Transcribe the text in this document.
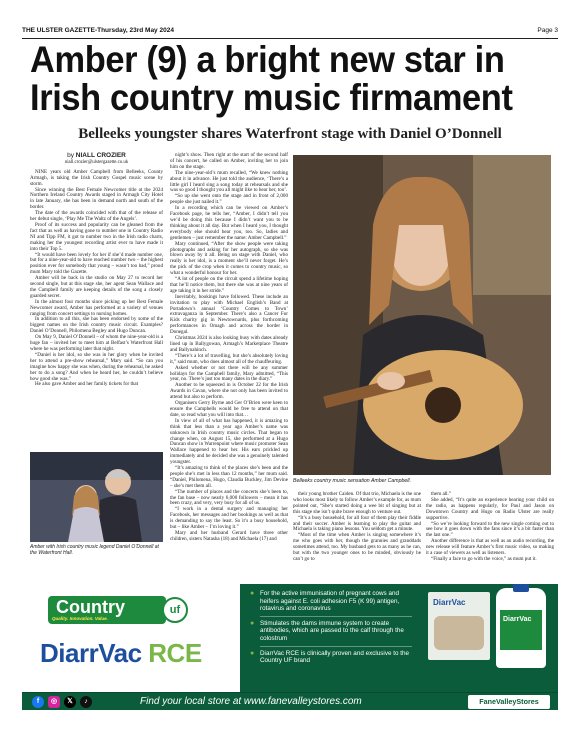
THE ULSTER GAZETTE-Thursday, 23rd May 2024	Page 3
Amber (9) a bright new star in Irish country music firmament
Belleeks youngster shares Waterfront stage with Daniel O’Donnell
by NIALL CROZIER
niall.crozier@ulstergazette.co.uk

NINE years old Amber Campbell from Belleeks, County Armagh, is taking the Irish Country Gospel music scene by storm.

Since winning the Best Female Newcomer title at the 2024 Northern Ireland Country Awards staged in Armagh City Hotel in late January, she has been in demand north and south of the border.

The date of the awards coincided with that of the release of her debut single, ‘Play Me The Waltz of the Angels’.

Proof of its success and popularity can be gleaned from the fact that as well as having gone to number one in Country Radio NI and Tipp FM, it got to number two in the Irish radio charts, making her the youngest recording artist ever to have made it into their Top 5.

“It would have been lovely for her if she’d made number one, but for a nine-year-old to have reached number two – the highest position ever for somebody that young – wasn’t too bad,” proud mum Mary told the Gazette.

Amber will be back in the studio on May 27 to record her second single, but at this stage she, her agent Sean Wallace and the Campbell family are keeping details of the song a closely guarded secret.

In the almost four months since picking up her Best Female Newcomer award, Amber has performed at a variety of venues ranging from concert settings to nursing homes.

In addition to all this, she has been endorsed by some of the biggest names on the Irish country music circuit. Examples? Daniel O’Donnell, Philomena Begley and Hugo Duncan.

On May 9, Daniel O’Donnell – of whom the nine-year-old is a huge fan – invited her to meet him at Belfast’s Waterfront Hall where he was performing later that night.

“Daniel is her idol, so she was in her glory when he invited her to attend a pre-show rehearsal,” Mary said. “So can you imagine how happy she was when, during the rehearsal, he asked her to do a song? And when he heard her, he couldn’t believe how good she was.”

He also gave Amber and her family tickets for that

night’s show. Then right at the start of the second half of his concert, he called on Amber, inviting her to join him on the stage.

The nine-year-old’s mum recalled, “We knew nothing about it in advance. He just told the audience, ‘There’s a little girl I heard sing a song today at rehearsals and she was so good I thought you all might like to hear her, too’.

“So up she went onto the stage and in front of 2,000 people she just nailed it.”

In a recording which can be viewed on Amber’s Facebook page, he tells her, “Amber, I didn’t tell you we’d be doing this because I didn’t want you to be thinking about it all day. But when I heard you, I thought everybody else should hear you, too. So, ladies and gentlemen – just remember the name: Amber Campbell.”

Mary continued, “After the show people were taking photographs and asking for her autograph, so she was blown away by it all. Being on stage with Daniel, who really is her idol, is a moment she’ll never forget. He’s the pick of the crop when it comes to country music, so what a wonderful honour for her.

“A lot of people on the circuit spend a lifetime hoping that he’ll notice them, but there she was at nine years of age taking it in her stride.”

Inevitably, bookings have followed. These include an invitation to play with Michael English’s Band at Portadown’s annual ‘Country Comes to Town’ extravaganza in September. There’s also a Cancer For Kids charity gig in Newtownards, plus forthcoming performances in Omagh and across the border in Donegal.

Christmas 2024 is also looking busy with dates already lined up in Ballygowan, Armagh’s Marketplace Theatre and Ballynahinch.

“There’s a lot of travelling, but she’s absolutely loving it,” said mum, who does almost all of the chauffeuring.

Asked whether or not there will be any summer holidays for the Campbell family, Mary admitted, “This year, no. There’s just too many dates in the diary.”

Another to be squeezed in is October 22 for the Irish Awards in Cavan, where she not only has been invited to attend but also to perform.

Organisers Gerry Byrne and Ger O’Brien were keen to ensure the Campbells would be free to attend on that date, so read what you will into that…

In view of all of what has happened, it is amazing to think that less than a year ago Amber’s name was unknown in Irish country music circles. That began to change when, on August 15, she performed at a Hugo Duncan show in Warrenpoint where music promoter Sean Wallace happened to hear her. His ears prickled up immediately and he decided she was a genuinely talented youngster.

“It’s amazing to think of the places she’s been and the people she’s met in less than 12 months,” her mum said. “Daniel, Philomena, Hugo, Claudia Buckley, Jim Devine – she’s met them all.

“The number of places and the concerts she’s been to, the fan base – now nearly 6,000 followers – mean it has been crazy, and very, very busy for all of us.

“I work in a dental surgery and managing her Facebook, her messages and her bookings as well as that is demanding to say the least. So it’s a busy household, but – like Amber – I’m loving it.”

Mary and her husband Gerard have three other children, sisters Natasha (18) and Michaela (17) and

Belleeks country music sensation Amber Campbell.
Amber with Irish country music legend Daniel O’Donnell at the Waterfront Hall.

their young brother Caiden. Of that trio, Michaela is the one who looks most likely to follow Amber’s example for, as mum pointed out, “She’s started doing a wee bit of singing but at this stage she isn’t quite brave enough to venture out.

“It’s a busy household, for all four of them play their fiddle and their soccer. Amber is learning to play the guitar and Michaela is taking piano lessons. You seldom get a minute.

“Most of the time when Amber is singing somewhere it’s me who goes with her, though the grannies and granddads sometimes attend, too. My husband gets to as many as he can, but with the two younger ones to be minded, obviously he can’t go to

them all.”

She added, “It’s quite an experience hearing your child on the radio, as happens regularly, for Paul and Jason on Downtown Country and Hugo on Radio Ulster are really supportive.

“So we’re looking forward to the new single coming out to see how it goes down with the fans since it’s a bit faster than the last one.”

Another difference is that as well as an audio recording, the new release will feature Amber’s first music video, so making it a case of viewers as well as listeners.

“Finally a face to go with the voice,” as mum put it.

Country	uf
Quality. Innovation. Value.
DiarrVac RCE
● For the active immunisation of pregnant cows and heifers against E. coli adhesion F5 (K 99) antigen, rotavirus and coronavirus
● Stimulates the dams immune system to create antibodies, which are passed to the calf through the colostrum
● DiarrVac RCE is clinically proven and exclusive to the Country UF brand
DiarrVac
DiarrVac
f	◎	𝕏	♪	Find your local store at www.fanevalleystores.com	FaneValleyStores
